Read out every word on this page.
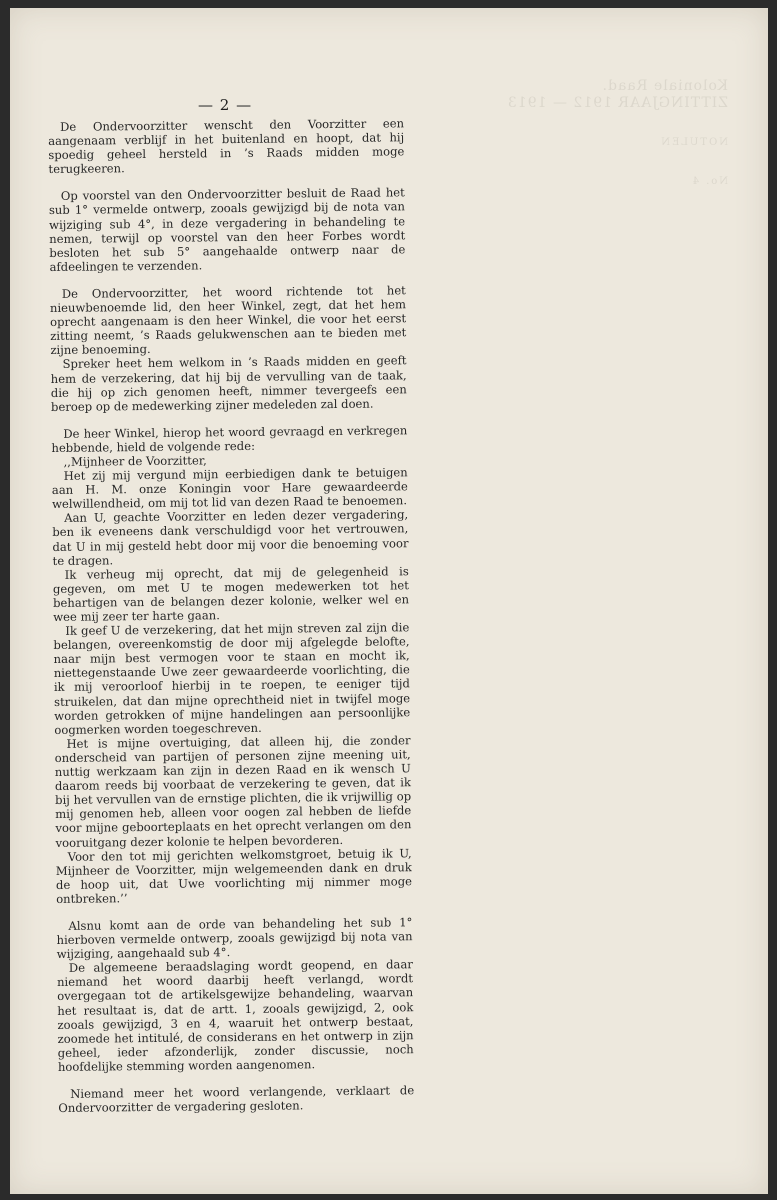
Koloniale Raad.
ZITTINGJAAR 1912 — 1913
NOTULEN
No. 4
— 2 —

De Ondervoorzitter wenscht den Voorzitter een aangenaam verblijf in het buitenland en hoopt, dat hij spoedig geheel hersteld in ’s Raads midden moge terugkeeren.

Op voorstel van den Ondervoorzitter besluit de Raad het sub 1° vermelde ontwerp, zooals gewijzigd bij de nota van wijziging sub 4°, in deze vergadering in behandeling te nemen, terwijl op voorstel van den heer Forbes wordt besloten het sub 5° aangehaalde ontwerp naar de afdeelingen te verzenden.

De Ondervoorzitter, het woord richtende tot het nieuwbenoemde lid, den heer Winkel, zegt, dat het hem oprecht aangenaam is den heer Winkel, die voor het eerst zitting neemt, ’s Raads gelukwenschen aan te bieden met zijne benoeming.

Spreker heet hem welkom in ’s Raads midden en geeft hem de verzekering, dat hij bij de vervulling van de taak, die hij op zich genomen heeft, nimmer tevergeefs een beroep op de medewerking zijner medeleden zal doen.

De heer Winkel, hierop het woord gevraagd en verkregen hebbende, hield de volgende rede:

,,Mijnheer de Voorzitter,

Het zij mij vergund mijn eerbiedigen dank te betuigen aan H. M. onze Koningin voor Hare gewaardeerde welwillendheid, om mij tot lid van dezen Raad te benoemen.

Aan U, geachte Voorzitter en leden dezer vergadering, ben ik eveneens dank verschuldigd voor het vertrouwen, dat U in mij gesteld hebt door mij voor die benoeming voor te dragen.

Ik verheug mij oprecht, dat mij de gelegenheid is gegeven, om met U te mogen medewerken tot het behartigen van de belangen dezer kolonie, welker wel en wee mij zeer ter harte gaan.

Ik geef U de verzekering, dat het mijn streven zal zijn die belangen, overeenkomstig de door mij afgelegde belofte, naar mijn best vermogen voor te staan en mocht ik, niettegenstaande Uwe zeer gewaardeerde voorlichting, die ik mij veroorloof hierbij in te roepen, te eeniger tijd struikelen, dat dan mijne oprechtheid niet in twijfel moge worden getrokken of mijne handelingen aan persoonlijke oogmerken worden toegeschreven.

Het is mijne overtuiging, dat alleen hij, die zonder onderscheid van partijen of personen zijne meening uit, nuttig werkzaam kan zijn in dezen Raad en ik wensch U daarom reeds bij voorbaat de verzekering te geven, dat ik bij het vervullen van de ernstige plichten, die ik vrijwillig op mij genomen heb, alleen voor oogen zal hebben de liefde voor mijne geboorteplaats en het oprecht verlangen om den vooruitgang dezer kolonie te helpen bevorderen.

Voor den tot mij gerichten welkomstgroet, betuig ik U, Mijnheer de Voorzitter, mijn welgemeenden dank en druk de hoop uit, dat Uwe voorlichting mij nimmer moge ontbreken.’’

Alsnu komt aan de orde van behandeling het sub 1° hierboven vermelde ontwerp, zooals gewijzigd bij nota van wijziging, aangehaald sub 4°.

De algemeene beraadslaging wordt geopend, en daar niemand het woord daarbij heeft verlangd, wordt overgegaan tot de artikelsgewijze behandeling, waarvan het resultaat is, dat de artt. 1, zooals gewijzigd, 2, ook zooals gewijzigd, 3 en 4, waaruit het ontwerp bestaat, zoomede het intitulé, de considerans en het ontwerp in zijn geheel, ieder afzonderlijk, zonder discussie, noch hoofdelijke stemming worden aangenomen.

Niemand meer het woord verlangende, verklaart de Ondervoorzitter de vergadering gesloten.
